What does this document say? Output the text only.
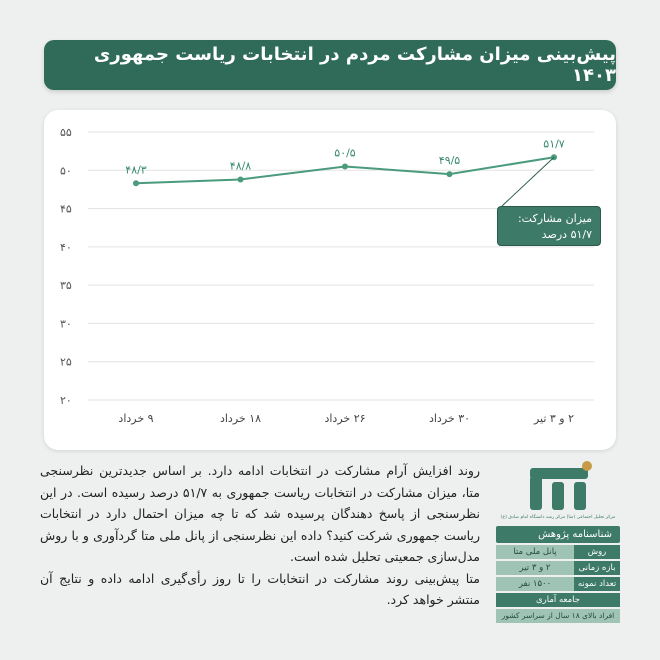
پیش‌بینی میزان مشارکت مردم در انتخابات ریاست جمهوری ۱۴۰۳
۲۰
۲۵
۳۰
۳۵
۴۰
۴۵
۵۰
۵۵
۹ خرداد	۱۸ خرداد	۲۶ خرداد	۳۰ خرداد	۲ و ۳ تیر
۴۸/۳	۴۸/۸
۵۰/۵
۴۹/۵
۵۱/۷
میزان مشارکت:
۵۱/۷ درصد

روند افزایش آرام مشارکت در انتخابات ادامه دارد. بر اساس جدیدترین نظرسنجی متا، میزان مشارکت در انتخابات ریاست جمهوری به ۵۱/۷ درصد رسیده است. در این نظرسنجی از پاسخ دهندگان پرسیده شد که تا چه میزان احتمال دارد در انتخابات ریاست جمهوری شرکت کنید؟ داده این نظرسنجی از پانل ملی متا گردآوری و با روش مدل‌سازی جمعیتی تحلیل شده است.

متا پیش‌بینی روند مشارکت در انتخابات را تا روز رأی‌گیری ادامه داده و نتایج آن منتشر خواهد کرد.

مرکز تحلیل اجتماعی (متا) مرکز رشد دانشگاه امام صادق (ع)
شناسنامه پژوهش
پانل ملی متا	روش
۲ و ۳ تیر	بازه زمانی
۱۵۰۰ نفر	تعداد نمونه
جامعه آماری
افراد بالای ۱۸ سال از سراسر کشور
